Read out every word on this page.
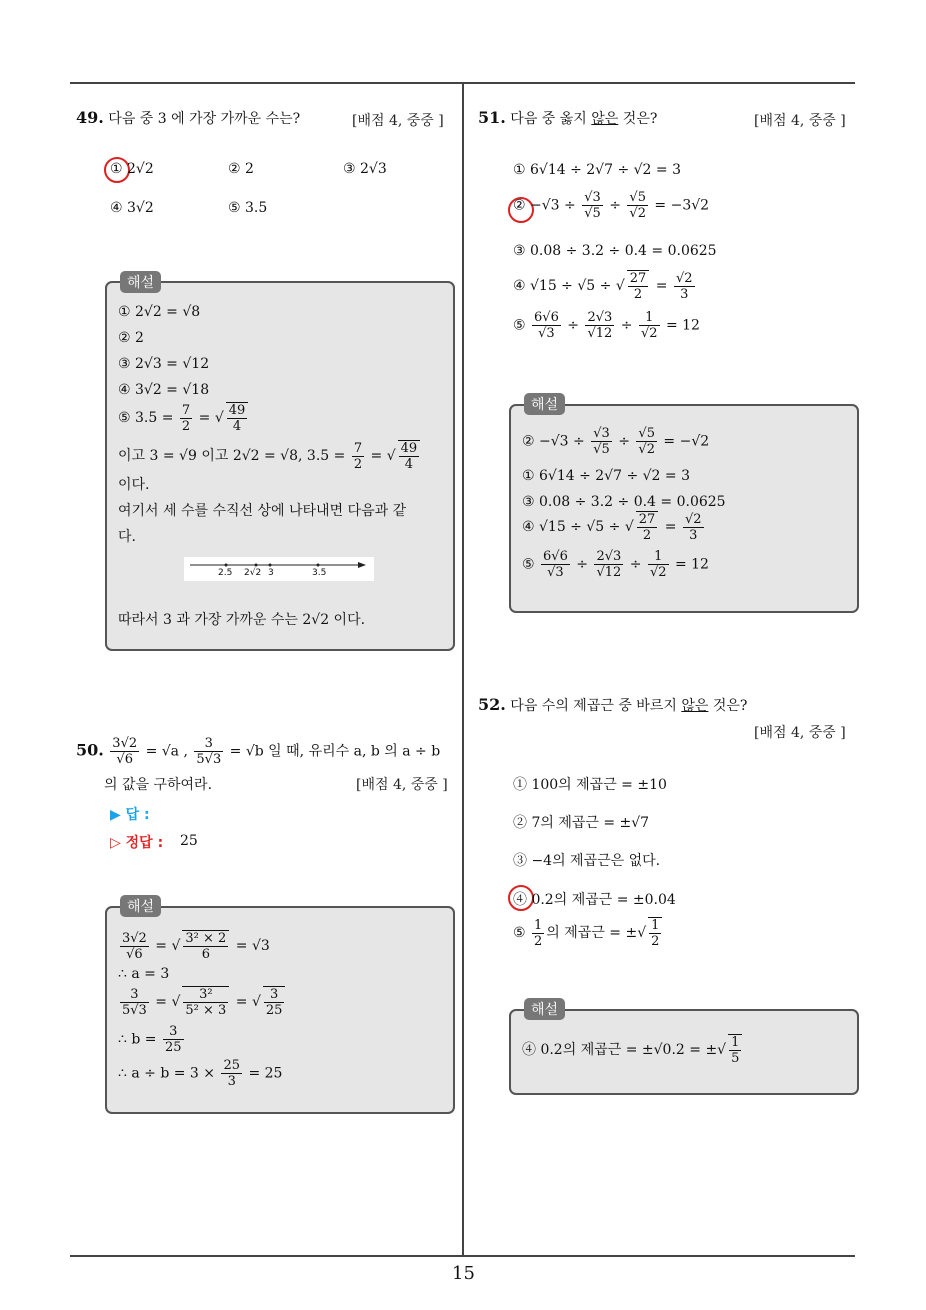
15
49. 다음 중 3 에 가장 가까운 수는?	[배점 4, 중중 ]
① 2√2	② 2	③ 2√3
④ 3√2	⑤ 3.5
해설
① 2√2 = √8
② 2
③ 2√3 = √12
④ 3√2 = √18
⑤ $3.5 = \frac{7}{2}$ = √ $\frac{49}{4}$
이고 3 = √9 이고 2√2 = √8, $3.5 = \frac{7}{2}$ = √ $\frac{49}{4}$
이다.
여기서 세 수를 수직선 상에 나타내면 다음과 같
다.
2.5 2√2 3	3.5
따라서 3 과 가장 가까운 수는 2√2 이다.
50. $\frac{3√2}{√6} = √a$ , $\frac{3}{5√3} = √b$ 일 때, 유리수 a, b 의 a ÷ b
의 값을 구하여라.	[배점 4, 중중 ]
▶ 답 :
▷ 정답 : 25
해설
$\frac{3√2}{√6}$ = √ $\frac{\text{3² × 2}}{6} = √3$
∴ a = 3
$\frac{3}{5√3}$ = √ $\frac{\text{3²}}{\text{5² × 3}}$ = √ $\frac{3}{25}$
∴ $b = \frac{3}{25}$
∴ $a \div b = 3 \times \frac{25}{3} = 25$
51. 다음 중 옳지 않은 것은?	[배점 4, 중중 ]
① 6√14 ÷ 2√7 ÷ √2 = 3
② $-√3 \div \frac{√3}{√5} \div \frac{√5}{√2} = -3√2$
③ 0.08 ÷ 3.2 ÷ 0.4 = 0.0625
④ √15 ÷ √5 ÷ √ $\frac{27}{2} = \frac{√2}{3}$
⑤ $\frac{6√6}{√3} \div \frac{2√3}{√12} \div \frac{1}{√2} = 12$
해설
② $-√3 \div \frac{√3}{√5} \div \frac{√5}{√2} = -√2$
① 6√14 ÷ 2√7 ÷ √2 = 3
③ 0.08 ÷ 3.2 ÷ 0.4 = 0.0625
④ √15 ÷ √5 ÷ √ $\frac{27}{2} = \frac{√2}{3}$
⑤ $\frac{6√6}{√3} \div \frac{2√3}{√12} \div \frac{1}{√2} = 12$
52. 다음 수의 제곱근 중 바르지 않은 것은?
[배점 4, 중중 ]
① 100의 제곱근 = ±10
② 7의 제곱근 = ±√7
③ −4의 제곱근은 없다.
④ 0.2의 제곱근 = ±0.04
⑤ $\frac{1}{2}$ 의 제곱근 = ±√ $\frac{1}{2}$
해설
④ 0.2의 제곱근 = ±√0.2 = ±√ $\frac{1}{5}$
